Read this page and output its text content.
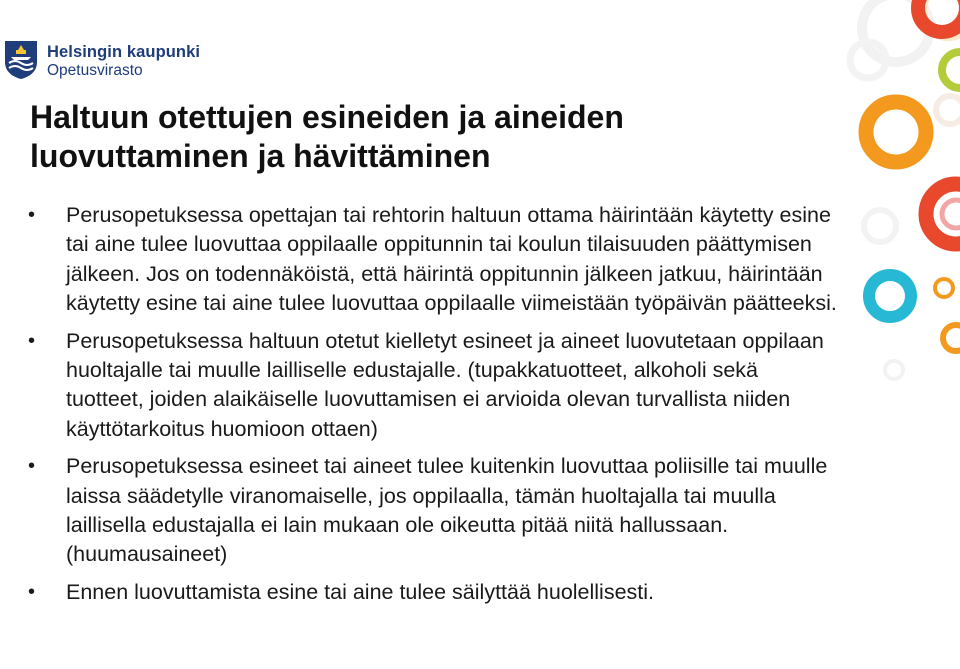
Helsingin kaupunki
Opetusvirasto
Haltuun otettujen esineiden ja aineiden luovuttaminen ja hävittäminen
• Perusopetuksessa opettajan tai rehtorin haltuun ottama häirintään käytetty esine tai aine tulee luovuttaa oppilaalle oppitunnin tai koulun tilaisuuden päättymisen jälkeen. Jos on todennäköistä, että häirintä oppitunnin jälkeen jatkuu, häirintään käytetty esine tai aine tulee luovuttaa oppilaalle viimeistään työpäivän päätteeksi.
• Perusopetuksessa haltuun otetut kielletyt esineet ja aineet luovutetaan oppilaan huoltajalle tai muulle lailliselle edustajalle. (tupakkatuotteet, alkoholi sekä tuotteet, joiden alaikäiselle luovuttamisen ei arvioida olevan turvallista niiden käyttötarkoitus huomioon ottaen)
• Perusopetuksessa esineet tai aineet tulee kuitenkin luovuttaa poliisille tai muulle laissa säädetylle viranomaiselle, jos oppilaalla, tämän huoltajalla tai muulla laillisella edustajalla ei lain mukaan ole oikeutta pitää niitä hallussaan. (huumausaineet)
• Ennen luovuttamista esine tai aine tulee säilyttää huolellisesti.
